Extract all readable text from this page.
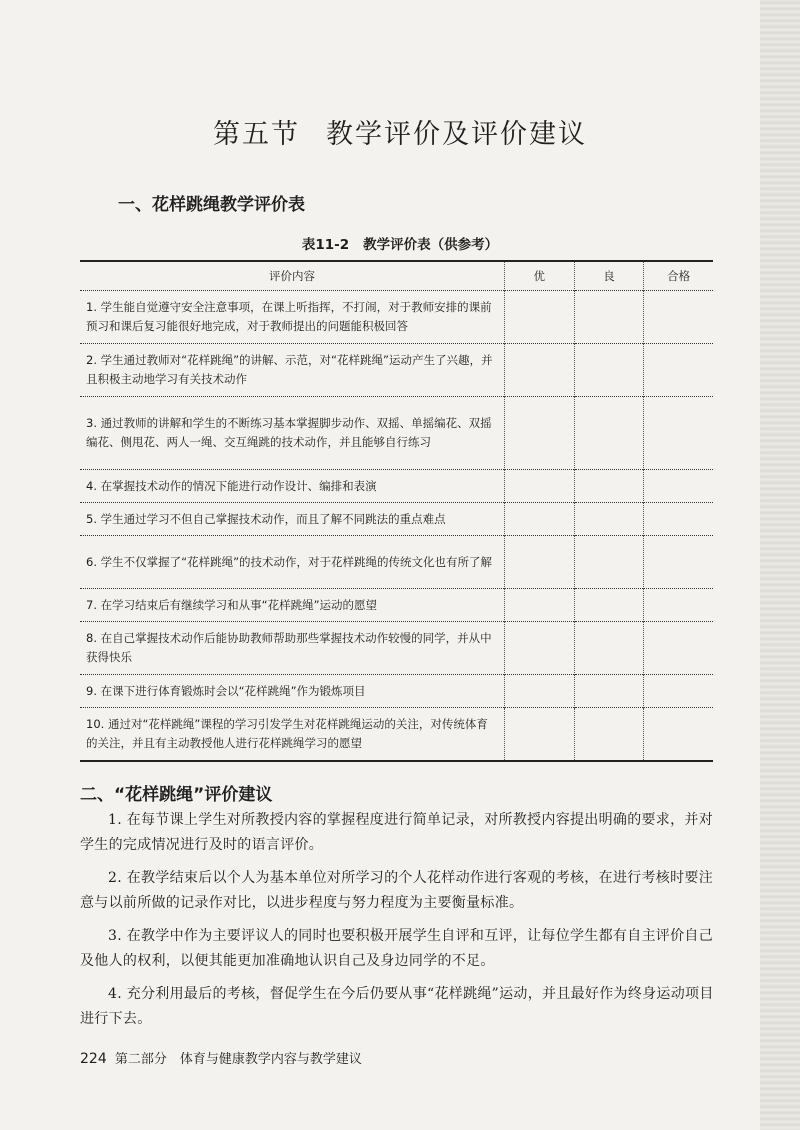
第五节 教学评价及评价建议
一、花样跳绳教学评价表
表11-2 教学评价表（供参考）
评价内容	优	良	合格
1. 学生能自觉遵守安全注意事项，在课上听指挥，不打闹，对于教师安排的课前预习和课后复习能很好地完成，对于教师提出的问题能积极回答			
2. 学生通过教师对“花样跳绳”的讲解、示范，对“花样跳绳”运动产生了兴趣，并且积极主动地学习有关技术动作			
3. 通过教师的讲解和学生的不断练习基本掌握脚步动作、双摇、单摇编花、双摇编花、侧甩花、两人一绳、交互绳跳的技术动作，并且能够自行练习			
4. 在掌握技术动作的情况下能进行动作设计、编排和表演			
5. 学生通过学习不但自己掌握技术动作，而且了解不同跳法的重点难点			
6. 学生不仅掌握了“花样跳绳”的技术动作，对于花样跳绳的传统文化也有所了解			
7. 在学习结束后有继续学习和从事“花样跳绳”运动的愿望			
8. 在自己掌握技术动作后能协助教师帮助那些掌握技术动作较慢的同学，并从中获得快乐			
9. 在课下进行体育锻炼时会以“花样跳绳”作为锻炼项目			
10. 通过对“花样跳绳”课程的学习引发学生对花样跳绳运动的关注，对传统体育的关注，并且有主动教授他人进行花样跳绳学习的愿望			
二、“花样跳绳”评价建议

1. 在每节课上学生对所教授内容的掌握程度进行简单记录，对所教授内容提出明确的要求，并对学生的完成情况进行及时的语言评价。

2. 在教学结束后以个人为基本单位对所学习的个人花样动作进行客观的考核，在进行考核时要注意与以前所做的记录作对比，以进步程度与努力程度为主要衡量标准。

3. 在教学中作为主要评议人的同时也要积极开展学生自评和互评，让每位学生都有自主评价自己及他人的权利，以便其能更加准确地认识自己及身边同学的不足。

4. 充分利用最后的考核，督促学生在今后仍要从事“花样跳绳”运动，并且最好作为终身运动项目进行下去。

224 第二部分　体育与健康教学内容与教学建议
